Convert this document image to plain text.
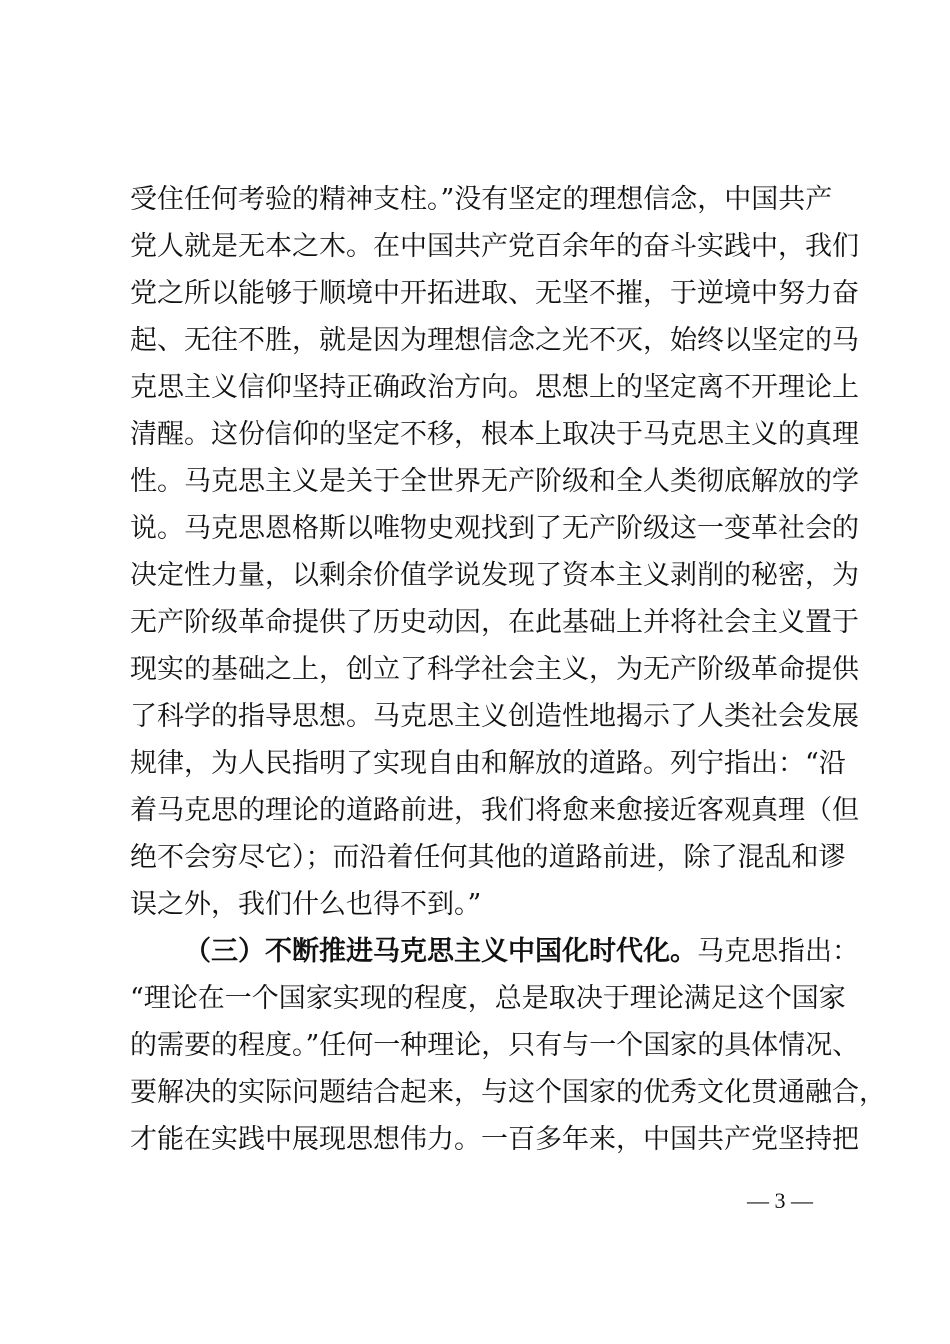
受住任何考验的精神支柱。”没有坚定的理想信念，中国共产
党人就是无本之木。在中国共产党百余年的奋斗实践中，我们
党之所以能够于顺境中开拓进取、无坚不摧，于逆境中努力奋
起、无往不胜，就是因为理想信念之光不灭，始终以坚定的马
克思主义信仰坚持正确政治方向。思想上的坚定离不开理论上
清醒。这份信仰的坚定不移，根本上取决于马克思主义的真理
性。马克思主义是关于全世界无产阶级和全人类彻底解放的学
说。马克思恩格斯以唯物史观找到了无产阶级这一变革社会的
决定性力量，以剩余价值学说发现了资本主义剥削的秘密，为
无产阶级革命提供了历史动因，在此基础上并将社会主义置于
现实的基础之上，创立了科学社会主义，为无产阶级革命提供
了科学的指导思想。马克思主义创造性地揭示了人类社会发展
规律，为人民指明了实现自由和解放的道路。列宁指出：“沿
着马克思的理论的道路前进，我们将愈来愈接近客观真理（但
绝不会穷尽它）；而沿着任何其他的道路前进，除了混乱和谬
误之外，我们什么也得不到。”
（三）不断推进马克思主义中国化时代化。马克思指出：
“理论在一个国家实现的程度，总是取决于理论满足这个国家
的需要的程度。”任何一种理论，只有与一个国家的具体情况、
要解决的实际问题结合起来，与这个国家的优秀文化贯通融合，
才能在实践中展现思想伟力。一百多年来，中国共产党坚持把
— 3 —
